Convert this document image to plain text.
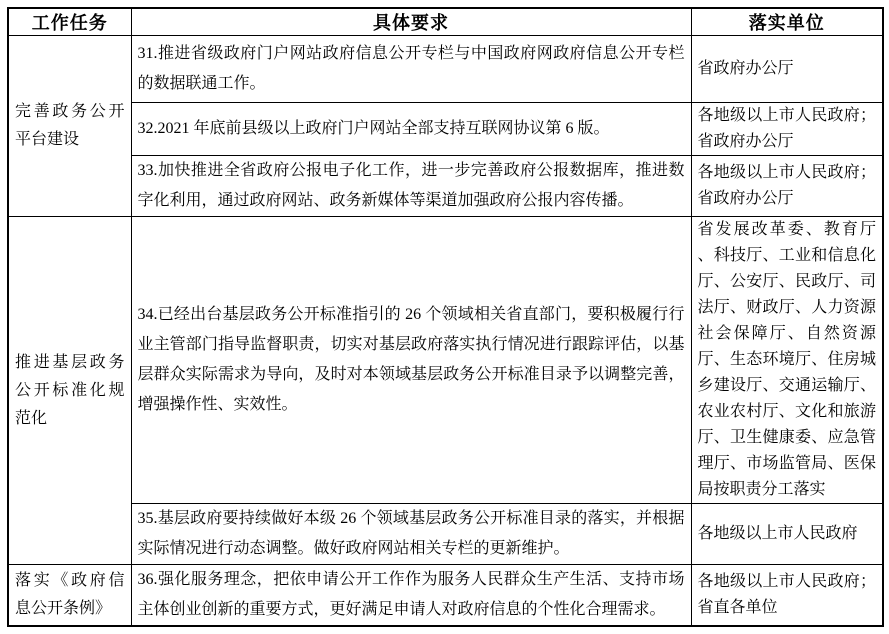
工作任务	具体要求	落实单位
完善政务公开平台建设	31.推进省级政府门户网站政府信息公开专栏与中国政府网政府信息公开专栏的数据联通工作。	省政府办公厅
	32.2021 年底前县级以上政府门户网站全部支持互联网协议第 6 版。	各地级以上市人民政府；省政府办公厅
	33.加快推进全省政府公报电子化工作，进一步完善政府公报数据库，推进数字化利用，通过政府网站、政务新媒体等渠道加强政府公报内容传播。	各地级以上市人民政府；省政府办公厅
推进基层政务公开标准化规范化	34.已经出台基层政务公开标准指引的 26 个领域相关省直部门，要积极履行行业主管部门指导监督职责，切实对基层政府落实执行情况进行跟踪评估，以基层群众实际需求为导向，及时对本领域基层政务公开标准目录予以调整完善，增强操作性、实效性。	省发展改革委、教育厅 、科技厅、工业和信息化厅、公安厅、民政厅、司法厅、财政厅、人力资源社会保障厅、自然资源厅、生态环境厅、住房城乡建设厅、交通运输厅、农业农村厅、文化和旅游厅、卫生健康委、应急管理厅、市场监管局、医保局按职责分工落实
	35.基层政府要持续做好本级 26 个领域基层政务公开标准目录的落实，并根据实际情况进行动态调整。做好政府网站相关专栏的更新维护。	各地级以上市人民政府
落实《政府信息公开条例》	36.强化服务理念，把依申请公开工作作为服务人民群众生产生活、支持市场主体创业创新的重要方式，更好满足申请人对政府信息的个性化合理需求。	各地级以上市人民政府；省直各单位
